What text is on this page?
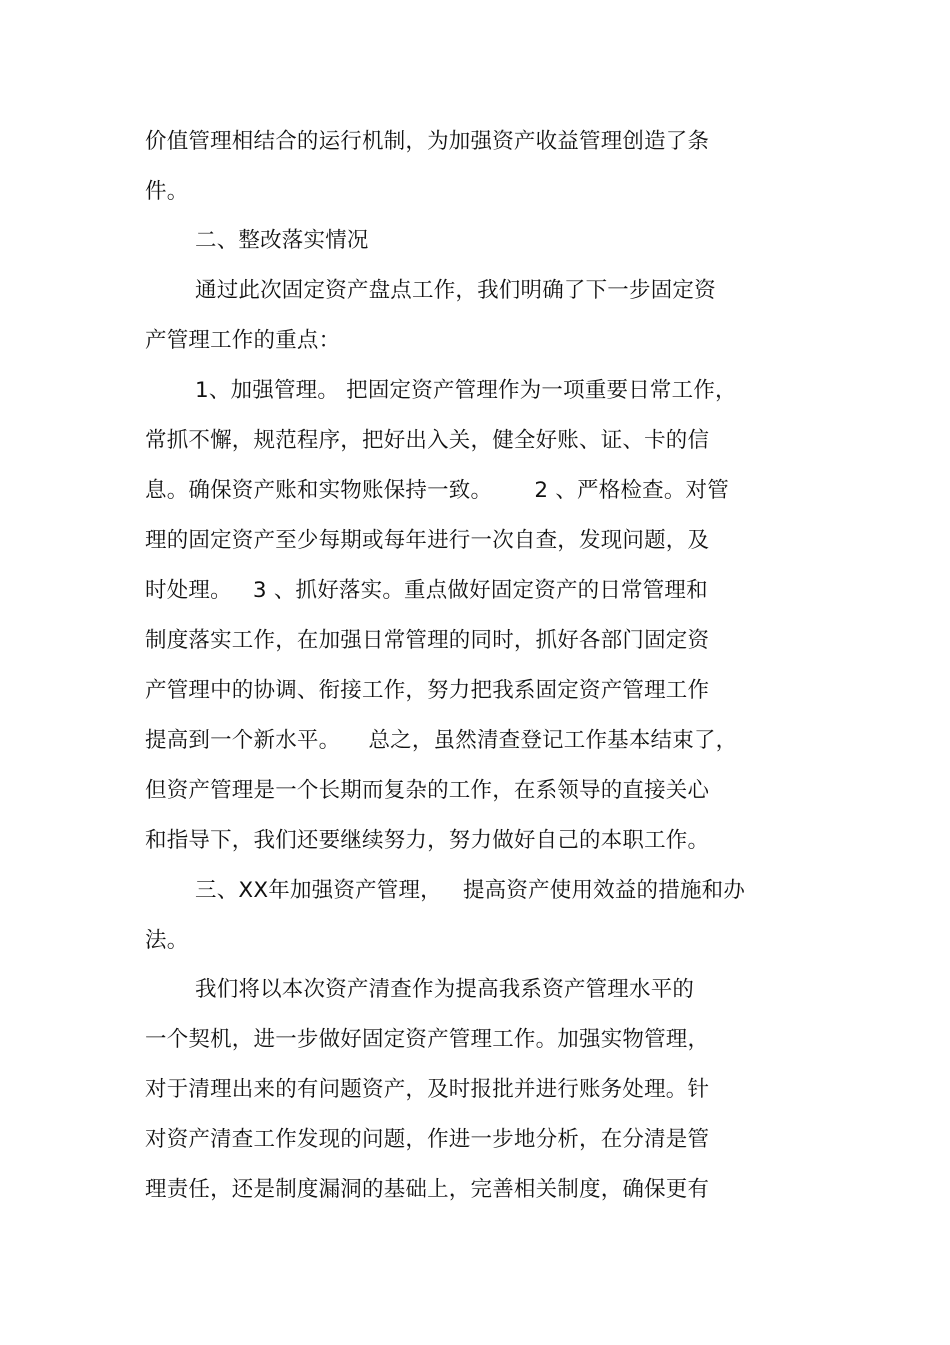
价值管理相结合的运行机制，为加强资产收益管理创造了条
件。
二、整改落实情况
通过此次固定资产盘点工作，我们明确了下一步固定资
产管理工作的重点：
1、加强管理。 把固定资产管理作为一项重要日常工作，
常抓不懈，规范程序，把好出入关，健全好账、证、卡的信
息。确保资产账和实物账保持一致。      2 、严格检查。对管
理的固定资产至少每期或每年进行一次自查，发现问题，及
时处理。   3 、抓好落实。重点做好固定资产的日常管理和
制度落实工作，在加强日常管理的同时，抓好各部门固定资
产管理中的协调、衔接工作，努力把我系固定资产管理工作
提高到一个新水平。    总之，虽然清查登记工作基本结束了，
但资产管理是一个长期而复杂的工作，在系领导的直接关心
和指导下，我们还要继续努力，努力做好自己的本职工作。
三、XX年加强资产管理，   提高资产使用效益的措施和办
法。
我们将以本次资产清查作为提高我系资产管理水平的
一个契机，进一步做好固定资产管理工作。加强实物管理，
对于清理出来的有问题资产，及时报批并进行账务处理。针
对资产清查工作发现的问题，作进一步地分析，在分清是管
理责任，还是制度漏洞的基础上，完善相关制度，确保更有
